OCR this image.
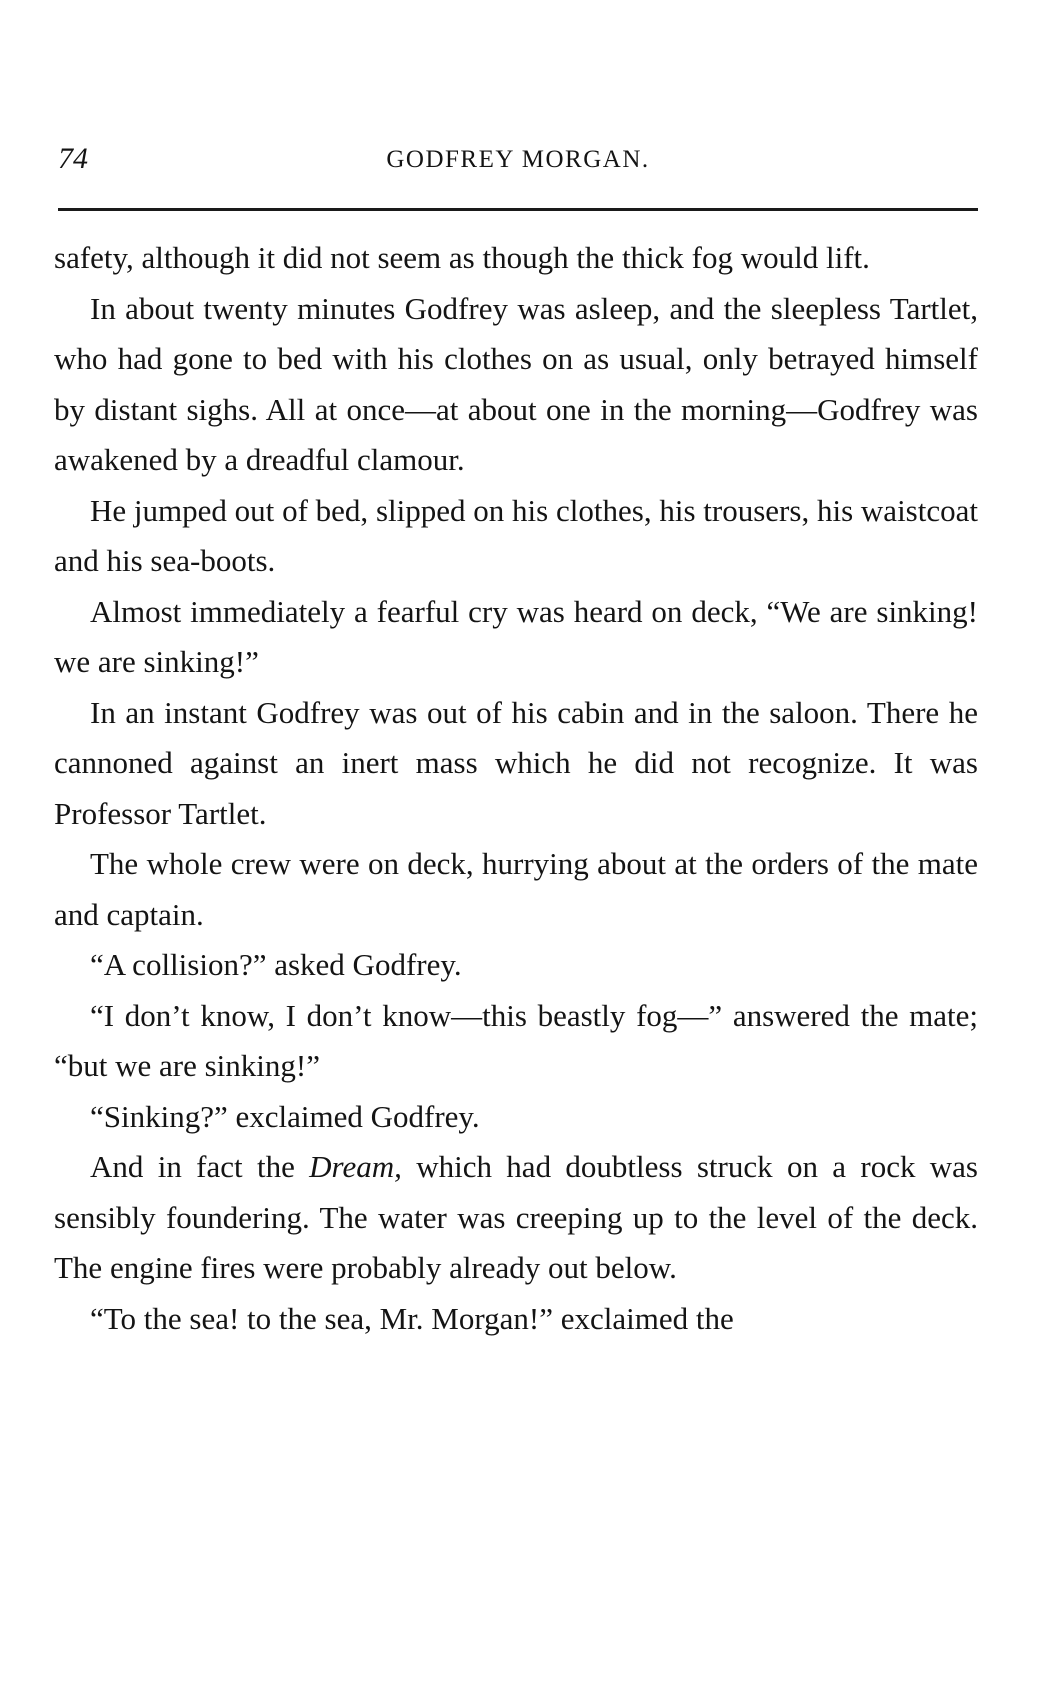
74	GODFREY MORGAN.

safety, although it did not seem as though the thick fog would lift.

In about twenty minutes Godfrey was asleep, and the sleepless Tartlet, who had gone to bed with his clothes on as usual, only betrayed himself by distant sighs. All at once—at about one in the morning—Godfrey was awakened by a dreadful clamour.

He jumped out of bed, slipped on his clothes, his trousers, his waistcoat and his sea-boots.

Almost immediately a fearful cry was heard on deck, “We are sinking! we are sinking!”

In an instant Godfrey was out of his cabin and in the saloon. There he cannoned against an inert mass which he did not recognize. It was Professor Tartlet.

The whole crew were on deck, hurrying about at the orders of the mate and captain.

“A collision?” asked Godfrey.

“I don’t know, I don’t know—this beastly fog—” answered the mate; “but we are sinking!”

“Sinking?” exclaimed Godfrey.

And in fact the Dream, which had doubtless struck on a rock was sensibly foundering. The water was creeping up to the level of the deck. The engine fires were probably already out below.

“To the sea! to the sea, Mr. Morgan!” exclaimed the
